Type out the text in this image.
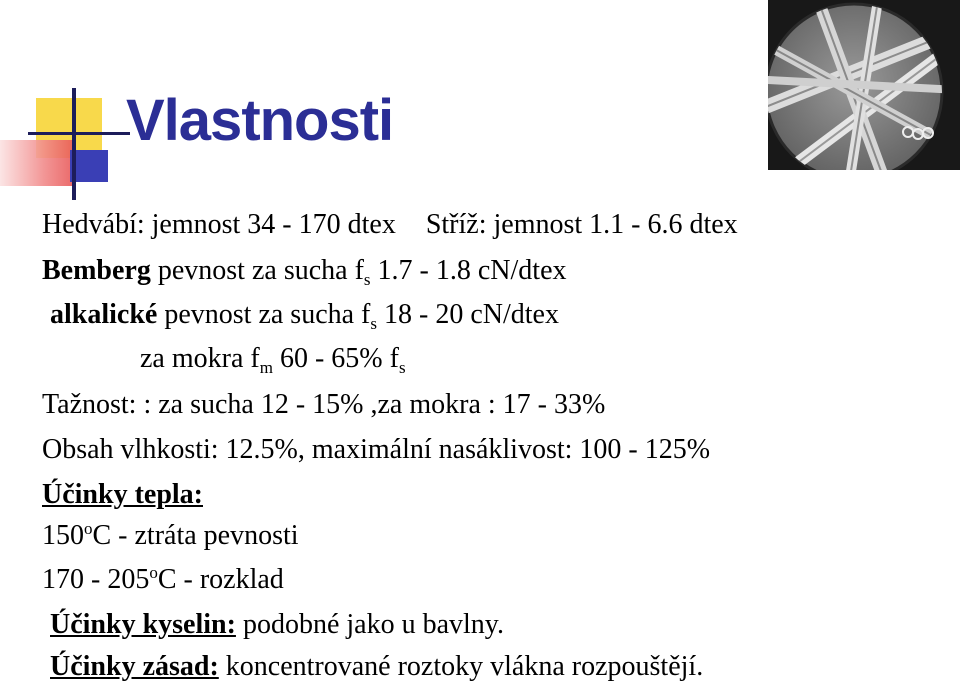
Vlastnosti
Hedvábí: jemnost 34 - 170 dtex Stříž: jemnost 1.1 - 6.6 dtex
Bemberg pevnost za sucha $f_s$ 1.7 - 1.8 cN/dtex
alkalické pevnost za sucha $f_s$ 18 - 20 cN/dtex
za mokra $f_m$ 60 - 65% $f_s$
Tažnost: : za sucha 12 - 15% ,za mokra : 17 - 33%
Obsah vlhkosti: 12.5%, maximální nasáklivost: 100 - 125%
Účinky tepla:
150$^o$C - ztráta pevnosti
170 - 205$^o$C - rozklad
Účinky kyselin: podobné jako u bavlny.
Účinky zásad: koncentrované roztoky vlákna rozpouštějí.
